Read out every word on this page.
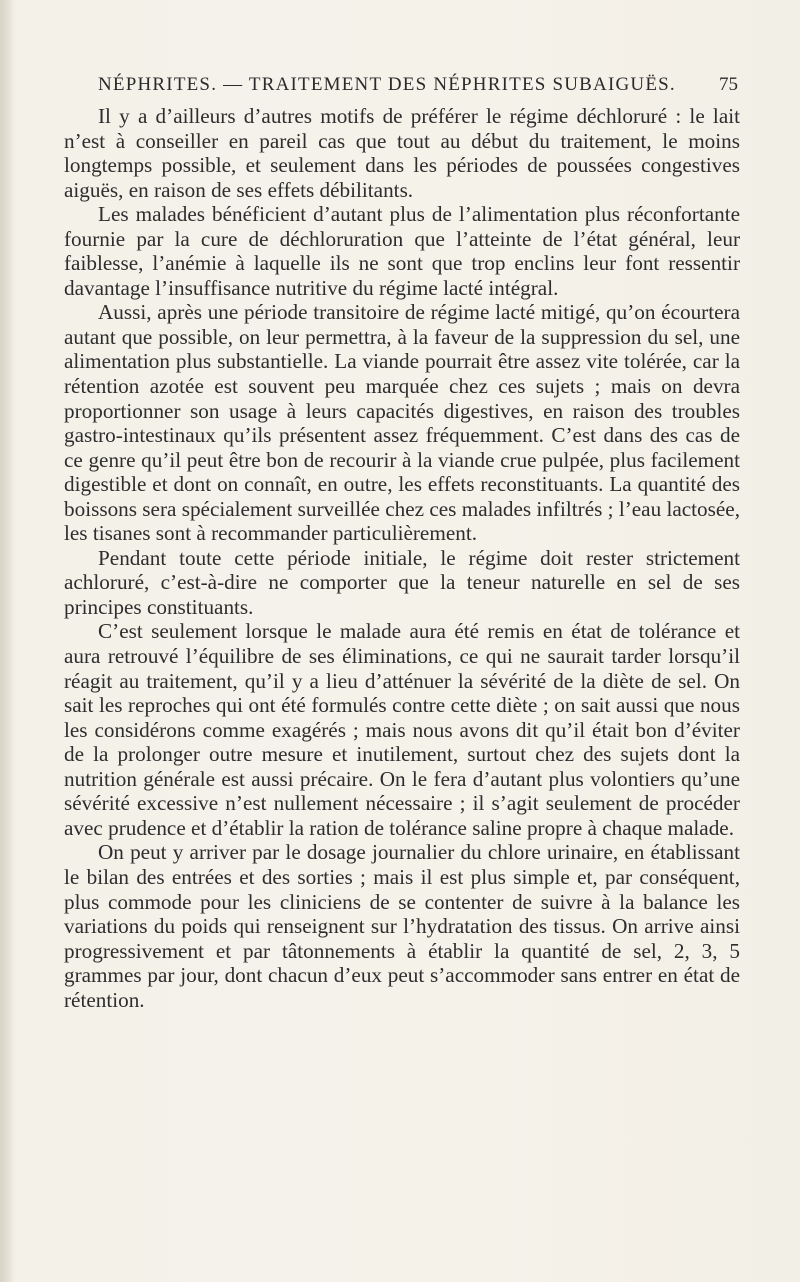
NÉPHRITES. — TRAITEMENT DES NÉPHRITES SUBAIGUËS. 75

Il y a d’ailleurs d’autres motifs de préférer le régime déchloruré : le lait n’est à conseiller en pareil cas que tout au début du traitement, le moins longtemps possible, et seulement dans les périodes de poussées congestives aiguës, en raison de ses effets débilitants.

Les malades bénéficient d’autant plus de l’alimentation plus réconfortante fournie par la cure de déchloruration que l’atteinte de l’état général, leur faiblesse, l’anémie à laquelle ils ne sont que trop enclins leur font ressentir davantage l’insuffisance nutritive du régime lacté intégral.

Aussi, après une période transitoire de régime lacté mitigé, qu’on écourtera autant que possible, on leur permettra, à la faveur de la suppression du sel, une alimentation plus substantielle. La viande pourrait être assez vite tolérée, car la rétention azotée est souvent peu marquée chez ces sujets ; mais on devra proportionner son usage à leurs capacités digestives, en raison des troubles gastro-intestinaux qu’ils présentent assez fréquemment. C’est dans des cas de ce genre qu’il peut être bon de recourir à la viande crue pulpée, plus facilement digestible et dont on connaît, en outre, les effets reconstituants. La quantité des boissons sera spécialement surveillée chez ces malades infiltrés ; l’eau lactosée, les tisanes sont à recommander particulièrement.

Pendant toute cette période initiale, le régime doit rester strictement achloruré, c’est-à-dire ne comporter que la teneur naturelle en sel de ses principes constituants.

C’est seulement lorsque le malade aura été remis en état de tolérance et aura retrouvé l’équilibre de ses éliminations, ce qui ne saurait tarder lorsqu’il réagit au traitement, qu’il y a lieu d’atténuer la sévérité de la diète de sel. On sait les reproches qui ont été formulés contre cette diète ; on sait aussi que nous les considérons comme exagérés ; mais nous avons dit qu’il était bon d’éviter de la prolonger outre mesure et inutilement, surtout chez des sujets dont la nutrition générale est aussi précaire. On le fera d’autant plus volontiers qu’une sévérité excessive n’est nullement nécessaire ; il s’agit seulement de procéder avec prudence et d’établir la ration de tolérance saline propre à chaque malade.

On peut y arriver par le dosage journalier du chlore urinaire, en établissant le bilan des entrées et des sorties ; mais il est plus simple et, par conséquent, plus commode pour les cliniciens de se contenter de suivre à la balance les variations du poids qui renseignent sur l’hydratation des tissus. On arrive ainsi progressivement et par tâtonnements à établir la quantité de sel, 2, 3, 5 grammes par jour, dont chacun d’eux peut s’accommoder sans entrer en état de rétention.
